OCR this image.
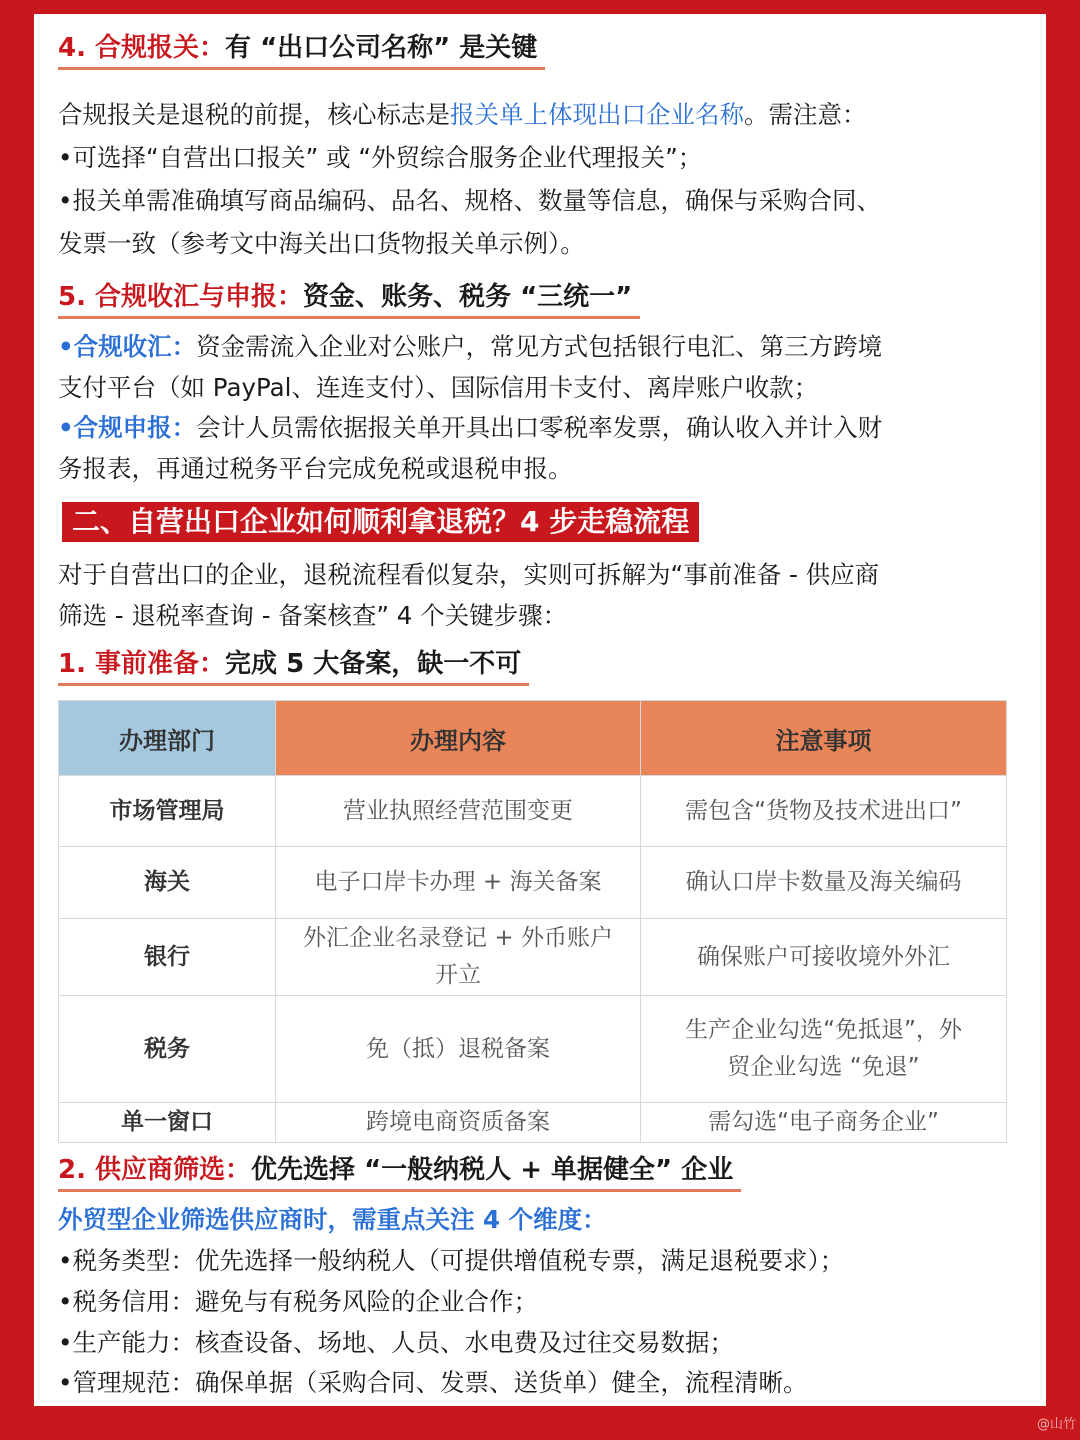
4. 合规报关：有 “出口公司名称” 是关键
合规报关是退税的前提，核心标志是报关单上体现出口企业名称。需注意：
•可选择“自营出口报关” 或 “外贸综合服务企业代理报关”；
•报关单需准确填写商品编码、品名、规格、数量等信息，确保与采购合同、
发票一致（参考文中海关出口货物报关单示例）。
5. 合规收汇与申报：资金、账务、税务 “三统一”
•合规收汇：资金需流入企业对公账户，常见方式包括银行电汇、第三方跨境
支付平台（如 PayPal、连连支付）、国际信用卡支付、离岸账户收款；
•合规申报：会计人员需依据报关单开具出口零税率发票，确认收入并计入财
务报表，再通过税务平台完成免税或退税申报。
二、自营出口企业如何顺利拿退税？4 步走稳流程
对于自营出口的企业，退税流程看似复杂，实则可拆解为“事前准备 - 供应商
筛选 - 退税率查询 - 备案核查” 4 个关键步骤：
1. 事前准备：完成 5 大备案，缺一不可
办理部门	办理内容	注意事项
市场管理局	营业执照经营范围变更	需包含“货物及技术进出口”

海关	电子口岸卡办理 + 海关备案	确认口岸卡数量及海关编码

银行	外汇企业名录登记 + 外币账户
开立	确保账户可接收境外外汇

税务	免（抵）退税备案	生产企业勾选“免抵退”，外
贸企业勾选 “免退”

单一窗口	跨境电商资质备案	需勾选“电子商务企业”
2. 供应商筛选：优先选择 “一般纳税人 + 单据健全” 企业
外贸型企业筛选供应商时，需重点关注 4 个维度：
•税务类型：优先选择一般纳税人（可提供增值税专票，满足退税要求）；
•税务信用：避免与有税务风险的企业合作；
•生产能力：核查设备、场地、人员、水电费及过往交易数据；
•管理规范：确保单据（采购合同、发票、送货单）健全，流程清晰。
@山竹
